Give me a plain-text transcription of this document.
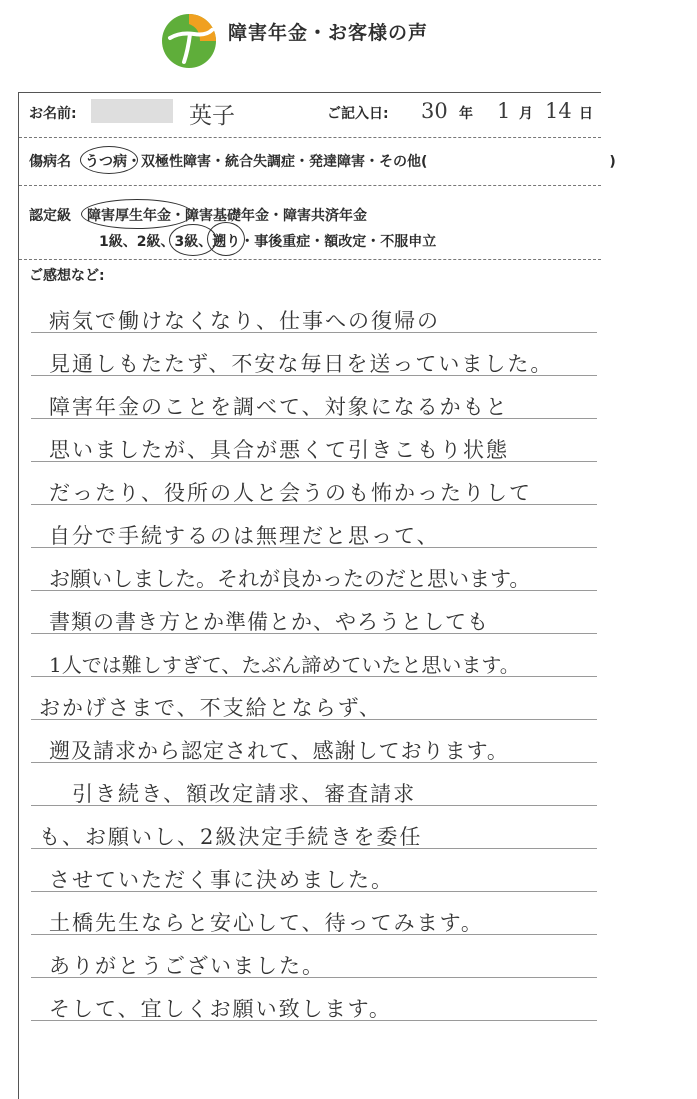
障害年金・お客様の声
お名前:	英子	ご記入日: 30 年 1 月 14 日
傷病名 うつ病・双極性障害・統合失調症・発達障害・その他(　　　　　　　　　　　　　)
認定級 障害厚生年金・障害基礎年金・障害共済年金
1級、2級、3級、遡り・事後重症・額改定・不服申立
ご感想など:
病気で働けなくなり、仕事への復帰の
見通しもたたず、不安な毎日を送っていました。
障害年金のことを調べて、対象になるかもと
思いましたが、具合が悪くて引きこもり状態
だったり、役所の人と会うのも怖かったりして
自分で手続するのは無理だと思って、
お願いしました。それが良かったのだと思います。
書類の書き方とか準備とか、やろうとしても
1人では難しすぎて、たぶん諦めていたと思います。
おかげさまで、不支給とならず、
遡及請求から認定されて、感謝しております。
　引き続き、額改定請求、審査請求
も、お願いし、2級決定手続きを委任
させていただく事に決めました。
土橋先生ならと安心して、待ってみます。
ありがとうございました。
そして、宜しくお願い致します。
